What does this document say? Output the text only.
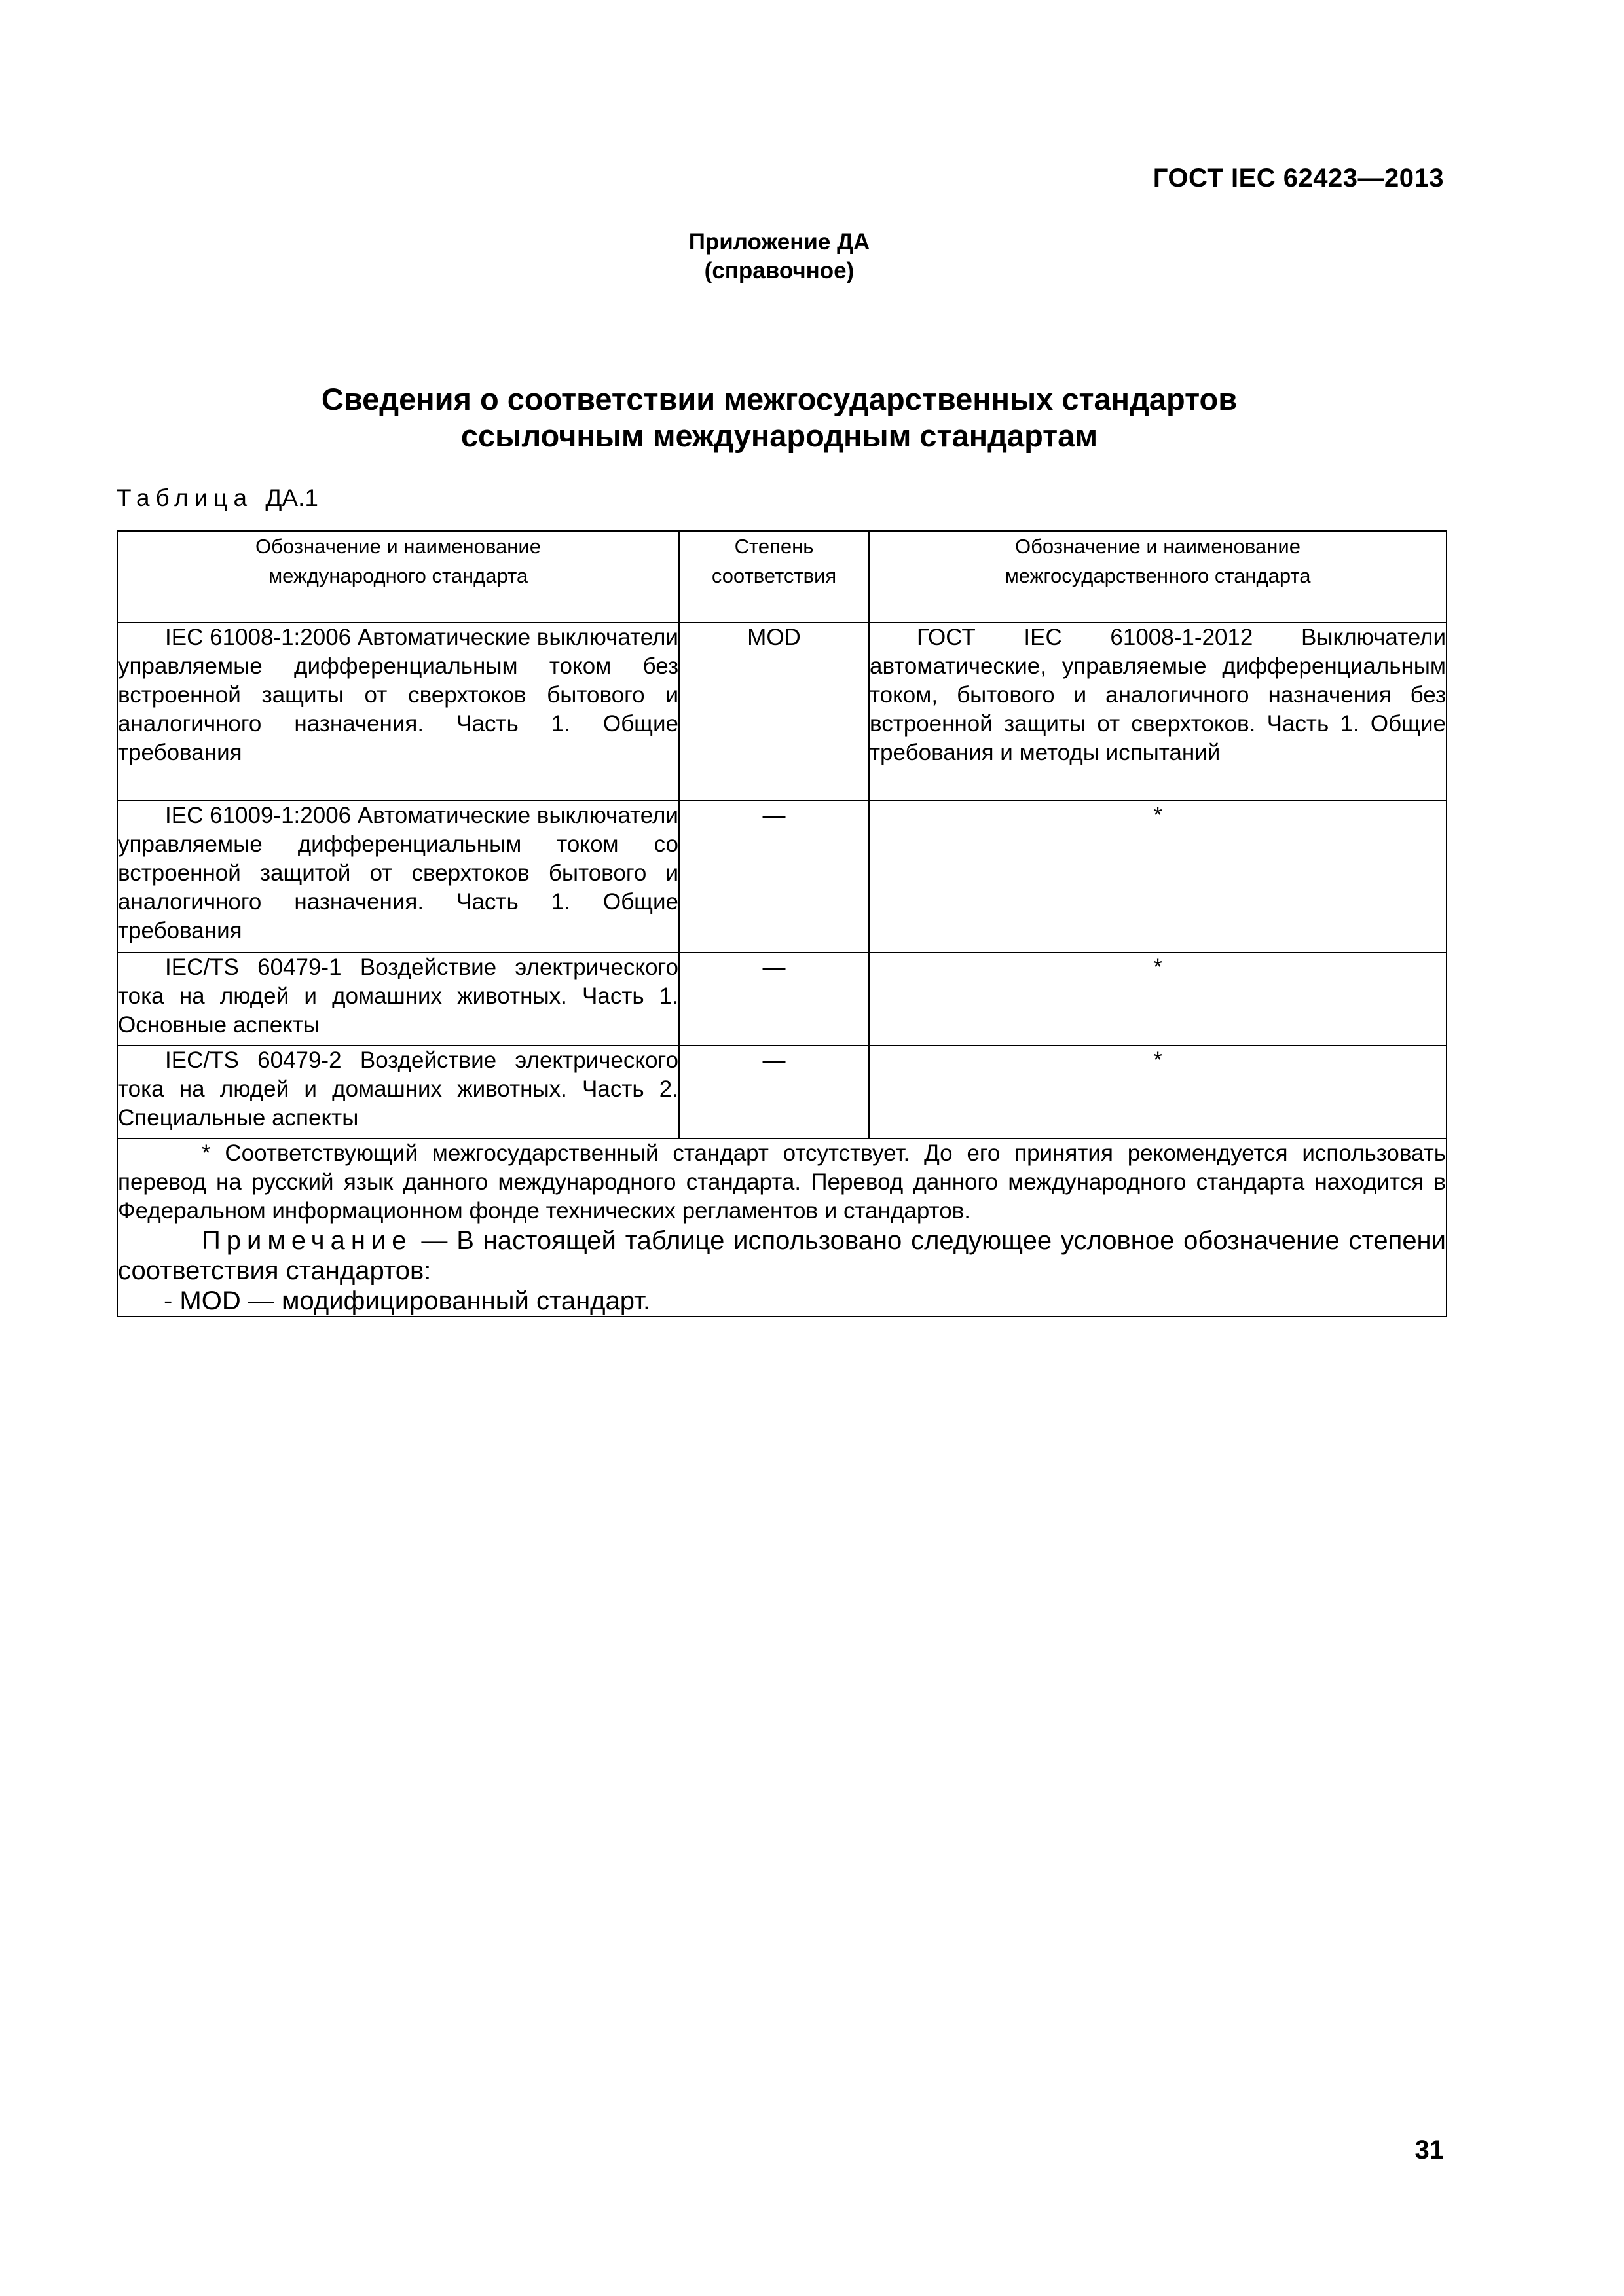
ГОСТ IEC 62423—2013
Приложение ДА
(справочное)
Сведения о соответствии межгосударственных стандартов
ссылочным международным стандартам
Таблица ДА.1
Обозначение и наименование международного стандарта	Степень соответствия	Обозначение и наименование межгосударственного стандарта
IEC 61008-1:2006 Автоматические выключатели управляемые дифференциальным током без встроенной защиты от сверхтоков бытового и аналогичного назначения. Часть 1. Общие требования	MOD	ГОСТ IEC 61008-1-2012 Выключатели автоматические, управляемые дифференциальным током, бытового и аналогичного назначения без встроенной защиты от сверхтоков. Часть 1. Общие требования и методы испытаний
IEC 61009-1:2006 Автоматические выключатели управляемые дифференциальным током со встроенной защитой от сверхтоков бытового и аналогичного назначения. Часть 1. Общие требования	—	*
IEC/TS 60479-1 Воздействие электрического тока на людей и домашних животных. Часть 1. Основные аспекты	—	*
IEC/TS 60479-2 Воздействие электрического тока на людей и домашних животных. Часть 2. Специальные аспекты	—	*

* Соответствующий межгосударственный стандарт отсутствует. До его принятия рекомендуется использовать перевод на русский язык данного международного стандарта. Перевод данного международного стандарта находится в Федеральном информационном фонде технических регламентов и стандартов.

Примечание — В настоящей таблице использовано следующее условное обозначение степени соответствия стандартов:

- MOD — модифицированный стандарт.		

31
